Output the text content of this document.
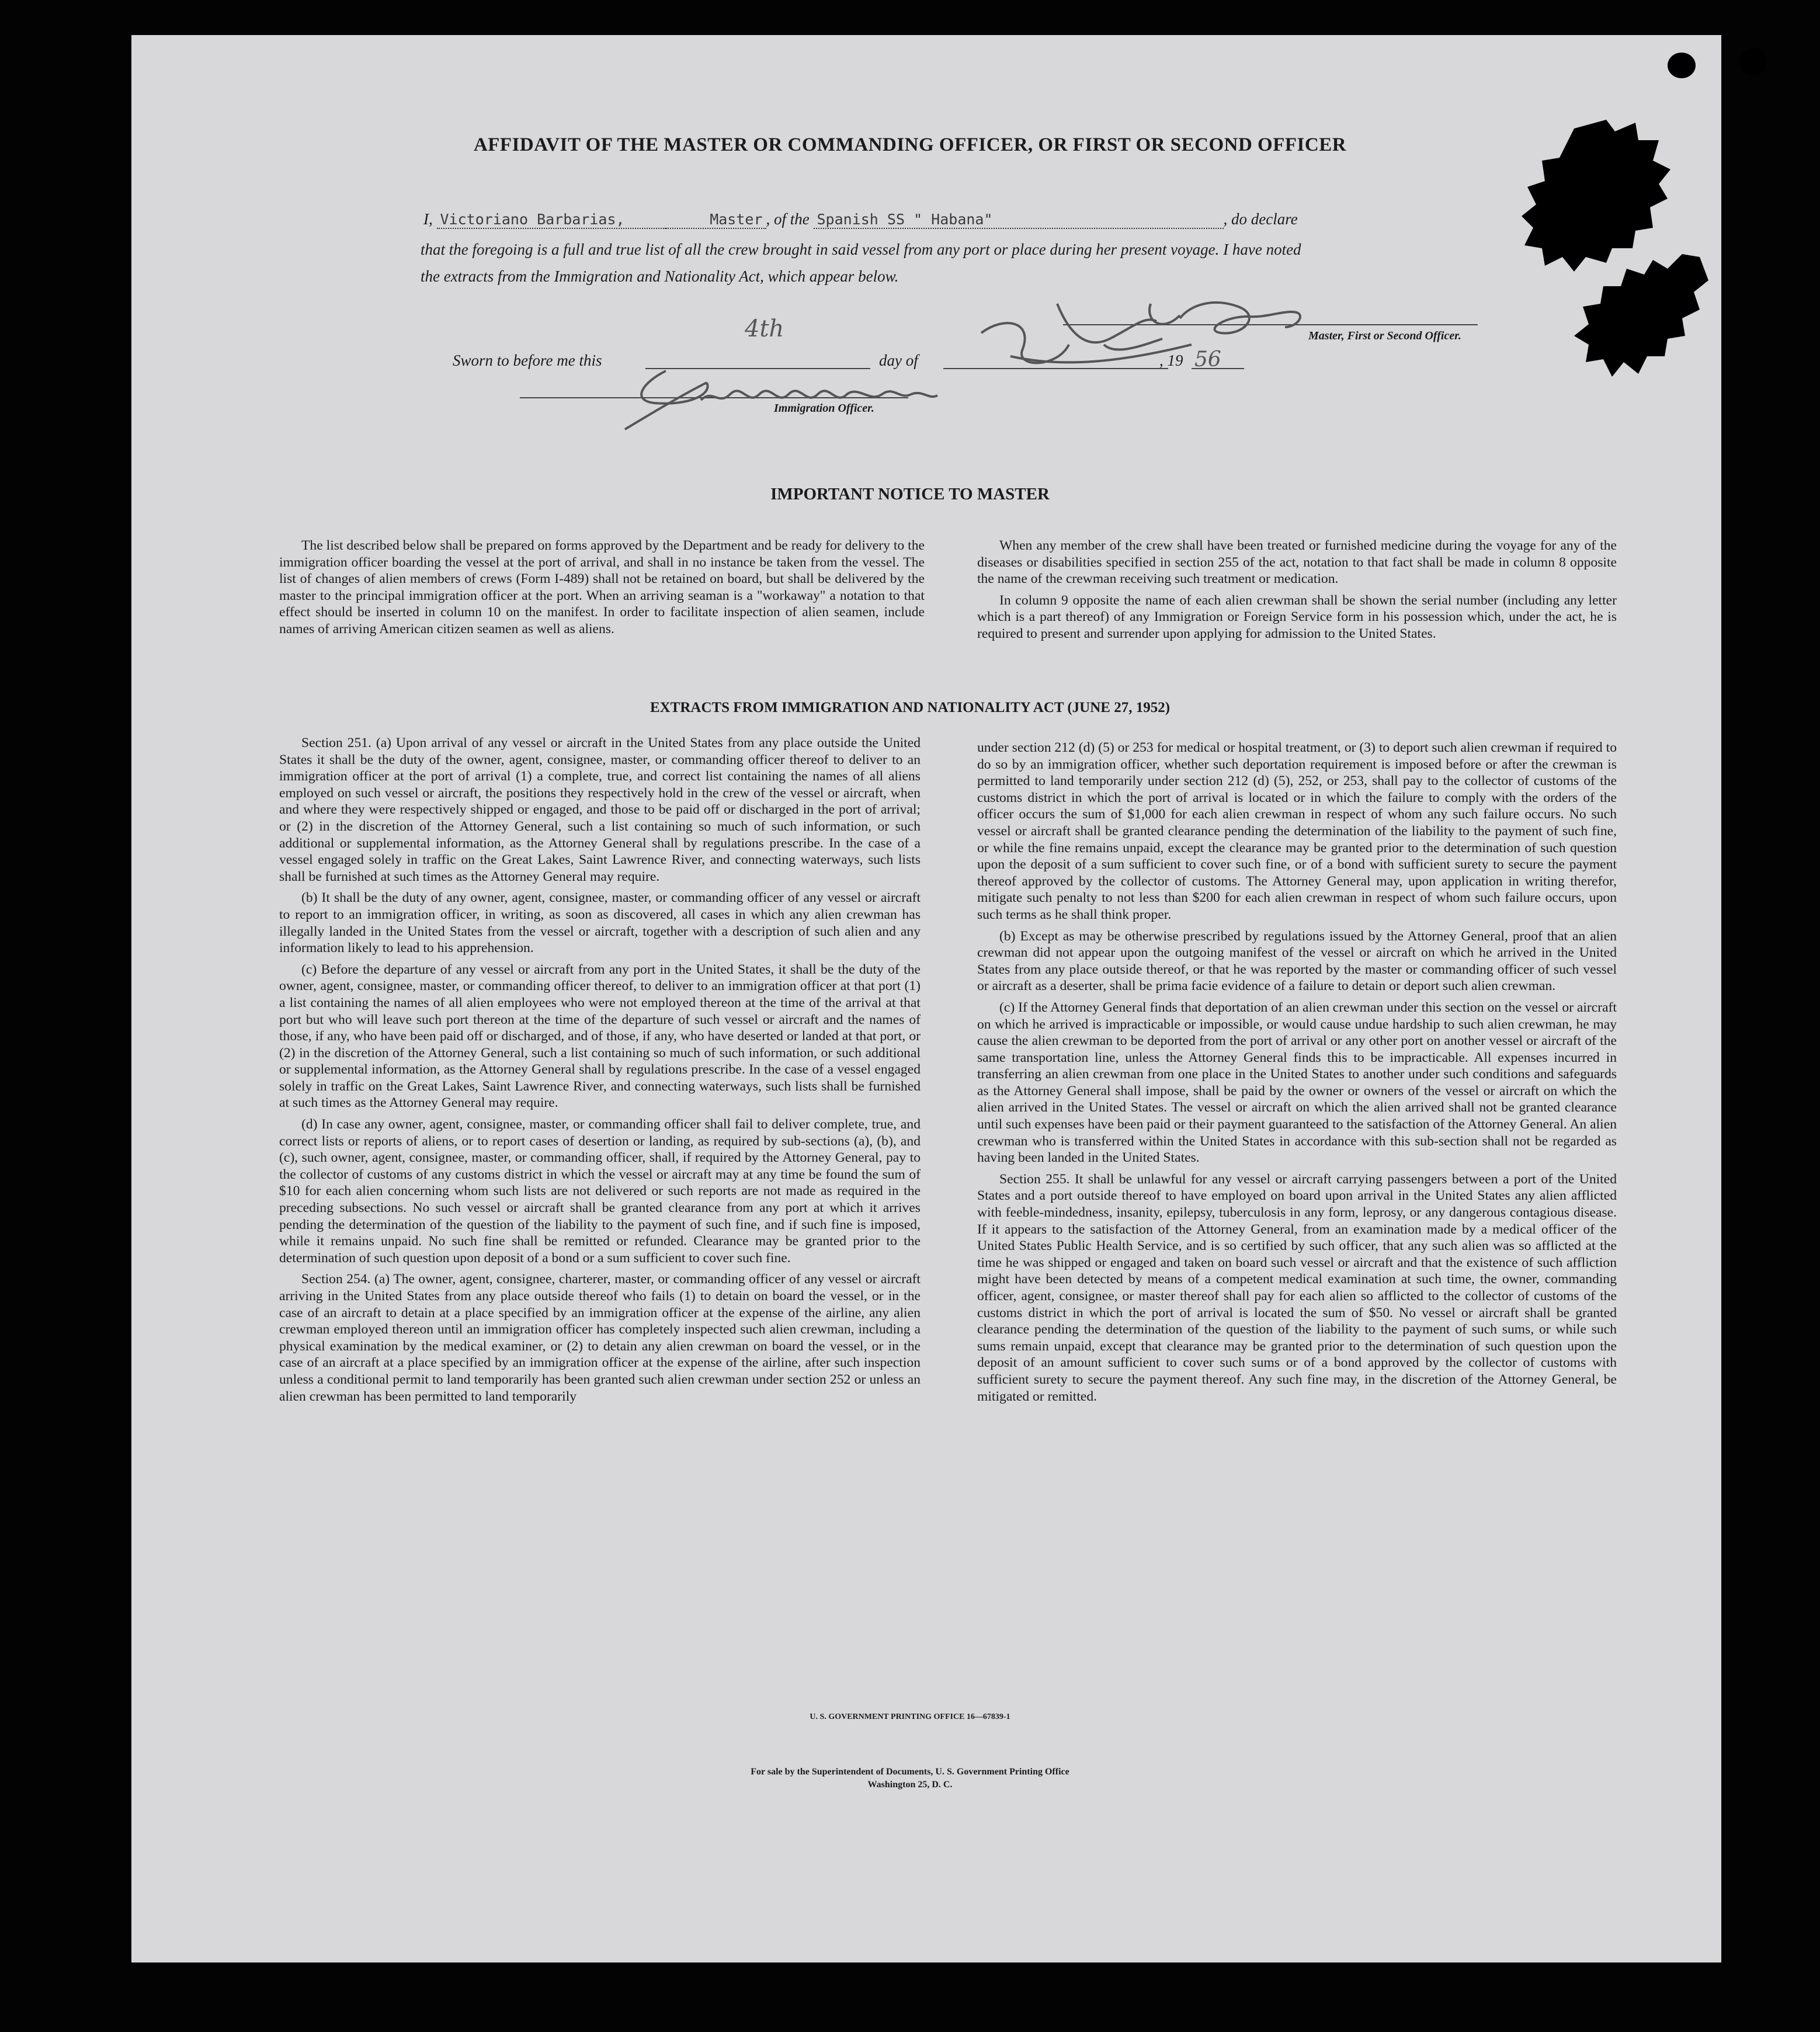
AFFIDAVIT OF THE MASTER OR COMMANDING OFFICER, OR FIRST OR SECOND OFFICER
I, Victoriano Barbarias,	Master , of the Spanish SS " Habana"	, do declare
that the foregoing is a full and true list of all the crew brought in said vessel from any port or place during her present voyage. I have noted
the extracts from the Immigration and Nationality Act, which appear below.
Sworn to before me this
4th
day of	, 19 56
Master, First or Second Officer.
Immigration Officer.
IMPORTANT NOTICE TO MASTER

The list described below shall be prepared on forms approved by the Department and be ready for delivery to the immigration officer boarding the vessel at the port of arrival, and shall in no instance be taken from the vessel. The list of changes of alien members of crews (Form I-489) shall not be retained on board, but shall be delivered by the master to the principal immigration officer at the port. When an arriving seaman is a "workaway" a notation to that effect should be inserted in column 10 on the manifest. In order to facilitate inspection of alien seamen, include names of arriving American citizen seamen as well as aliens.

When any member of the crew shall have been treated or furnished medicine during the voyage for any of the diseases or disabilities specified in section 255 of the act, notation to that fact shall be made in column 8 opposite the name of the crewman receiving such treatment or medication.

In column 9 opposite the name of each alien crewman shall be shown the serial number (including any letter which is a part thereof) of any Immigration or Foreign Service form in his possession which, under the act, he is required to present and surrender upon applying for admission to the United States.

EXTRACTS FROM IMMIGRATION AND NATIONALITY ACT (JUNE 27, 1952)

Section 251. (a) Upon arrival of any vessel or aircraft in the United States from any place outside the United States it shall be the duty of the owner, agent, consignee, master, or commanding officer thereof to deliver to an immigration officer at the port of arrival (1) a complete, true, and correct list containing the names of all aliens employed on such vessel or aircraft, the positions they respectively hold in the crew of the vessel or aircraft, when and where they were respectively shipped or engaged, and those to be paid off or discharged in the port of arrival; or (2) in the discretion of the Attorney General, such a list containing so much of such information, or such additional or supplemental information, as the Attorney General shall by regulations prescribe. In the case of a vessel engaged solely in traffic on the Great Lakes, Saint Lawrence River, and connecting waterways, such lists shall be furnished at such times as the Attorney General may require.

(b) It shall be the duty of any owner, agent, consignee, master, or commanding officer of any vessel or aircraft to report to an immigration officer, in writing, as soon as discovered, all cases in which any alien crewman has illegally landed in the United States from the vessel or aircraft, together with a description of such alien and any information likely to lead to his apprehension.

(c) Before the departure of any vessel or aircraft from any port in the United States, it shall be the duty of the owner, agent, consignee, master, or commanding officer thereof, to deliver to an immigration officer at that port (1) a list containing the names of all alien employees who were not employed thereon at the time of the arrival at that port but who will leave such port thereon at the time of the departure of such vessel or aircraft and the names of those, if any, who have been paid off or discharged, and of those, if any, who have deserted or landed at that port, or (2) in the discretion of the Attorney General, such a list containing so much of such information, or such additional or supplemental information, as the Attorney General shall by regulations prescribe. In the case of a vessel engaged solely in traffic on the Great Lakes, Saint Lawrence River, and connecting waterways, such lists shall be furnished at such times as the Attorney General may require.

(d) In case any owner, agent, consignee, master, or commanding officer shall fail to deliver complete, true, and correct lists or reports of aliens, or to report cases of desertion or landing, as required by sub-sections (a), (b), and (c), such owner, agent, consignee, master, or commanding officer, shall, if required by the Attorney General, pay to the collector of customs of any customs district in which the vessel or aircraft may at any time be found the sum of $10 for each alien concerning whom such lists are not delivered or such reports are not made as required in the preceding subsections. No such vessel or aircraft shall be granted clearance from any port at which it arrives pending the determination of the question of the liability to the payment of such fine, and if such fine is imposed, while it remains unpaid. No such fine shall be remitted or refunded. Clearance may be granted prior to the determination of such question upon deposit of a bond or a sum sufficient to cover such fine.

Section 254. (a) The owner, agent, consignee, charterer, master, or commanding officer of any vessel or aircraft arriving in the United States from any place outside thereof who fails (1) to detain on board the vessel, or in the case of an aircraft to detain at a place specified by an immigration officer at the expense of the airline, any alien crewman employed thereon until an immigration officer has completely inspected such alien crewman, including a physical examination by the medical examiner, or (2) to detain any alien crewman on board the vessel, or in the case of an aircraft at a place specified by an immigration officer at the expense of the airline, after such inspection unless a conditional permit to land temporarily has been granted such alien crewman under section 252 or unless an alien crewman has been permitted to land temporarily

under section 212 (d) (5) or 253 for medical or hospital treatment, or (3) to deport such alien crewman if required to do so by an immigration officer, whether such deportation requirement is imposed before or after the crewman is permitted to land temporarily under section 212 (d) (5), 252, or 253, shall pay to the collector of customs of the customs district in which the port of arrival is located or in which the failure to comply with the orders of the officer occurs the sum of $1,000 for each alien crewman in respect of whom any such failure occurs. No such vessel or aircraft shall be granted clearance pending the determination of the liability to the payment of such fine, or while the fine remains unpaid, except the clearance may be granted prior to the determination of such question upon the deposit of a sum sufficient to cover such fine, or of a bond with sufficient surety to secure the payment thereof approved by the collector of customs. The Attorney General may, upon application in writing therefor, mitigate such penalty to not less than $200 for each alien crewman in respect of whom such failure occurs, upon such terms as he shall think proper.

(b) Except as may be otherwise prescribed by regulations issued by the Attorney General, proof that an alien crewman did not appear upon the outgoing manifest of the vessel or aircraft on which he arrived in the United States from any place outside thereof, or that he was reported by the master or commanding officer of such vessel or aircraft as a deserter, shall be prima facie evidence of a failure to detain or deport such alien crewman.

(c) If the Attorney General finds that deportation of an alien crewman under this section on the vessel or aircraft on which he arrived is impracticable or impossible, or would cause undue hardship to such alien crewman, he may cause the alien crewman to be deported from the port of arrival or any other port on another vessel or aircraft of the same transportation line, unless the Attorney General finds this to be impracticable. All expenses incurred in transferring an alien crewman from one place in the United States to another under such conditions and safeguards as the Attorney General shall impose, shall be paid by the owner or owners of the vessel or aircraft on which the alien arrived in the United States. The vessel or aircraft on which the alien arrived shall not be granted clearance until such expenses have been paid or their payment guaranteed to the satisfaction of the Attorney General. An alien crewman who is transferred within the United States in accordance with this sub-section shall not be regarded as having been landed in the United States.

Section 255. It shall be unlawful for any vessel or aircraft carrying passengers between a port of the United States and a port outside thereof to have employed on board upon arrival in the United States any alien afflicted with feeble-mindedness, insanity, epilepsy, tuberculosis in any form, leprosy, or any dangerous contagious disease. If it appears to the satisfaction of the Attorney General, from an examination made by a medical officer of the United States Public Health Service, and is so certified by such officer, that any such alien was so afflicted at the time he was shipped or engaged and taken on board such vessel or aircraft and that the existence of such affliction might have been detected by means of a competent medical examination at such time, the owner, commanding officer, agent, consignee, or master thereof shall pay for each alien so afflicted to the collector of customs of the customs district in which the port of arrival is located the sum of $50. No vessel or aircraft shall be granted clearance pending the determination of the question of the liability to the payment of such sums, or while such sums remain unpaid, except that clearance may be granted prior to the determination of such question upon the deposit of an amount sufficient to cover such sums or of a bond approved by the collector of customs with sufficient surety to secure the payment thereof. Any such fine may, in the discretion of the Attorney General, be mitigated or remitted.

U. S. GOVERNMENT PRINTING OFFICE 16—67839-1
For sale by the Superintendent of Documents, U. S. Government Printing Office
Washington 25, D. C.
